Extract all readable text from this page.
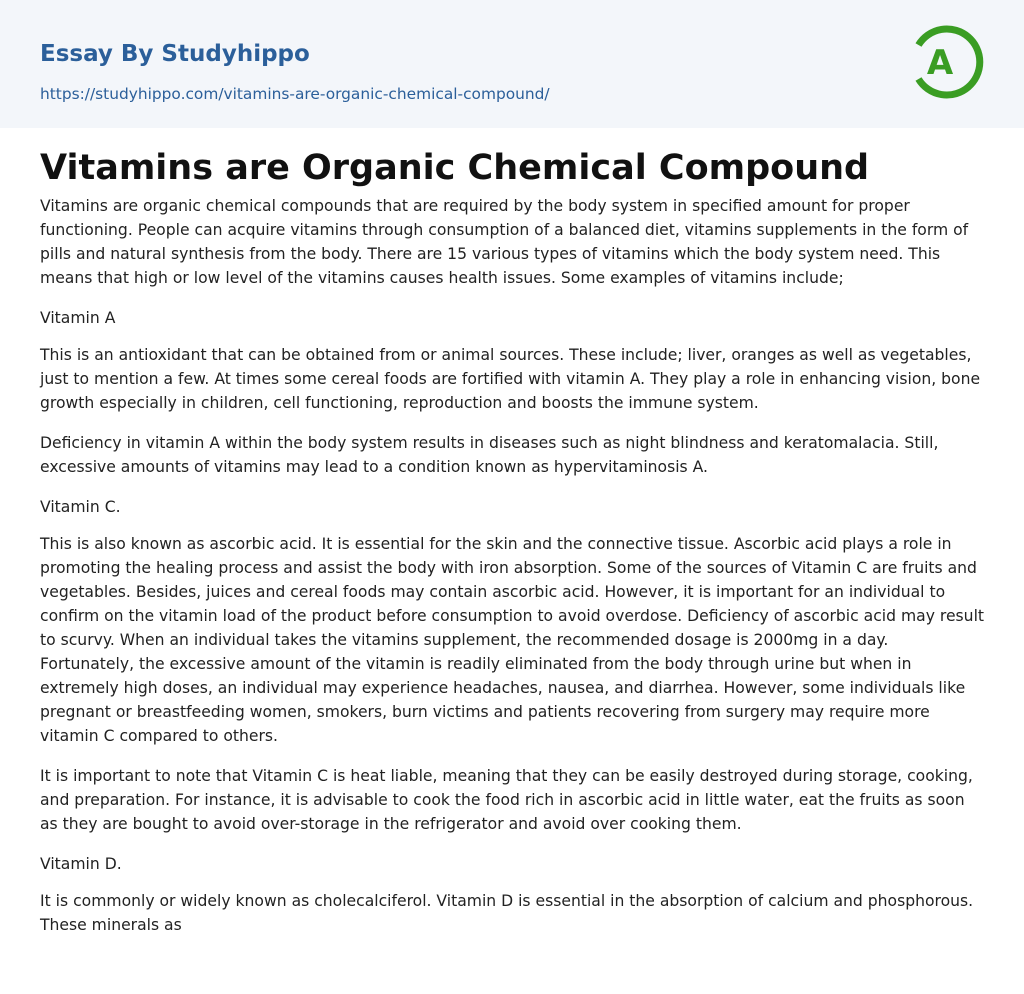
Essay By Studyhippo
https://studyhippo.com/vitamins-are-organic-chemical-compound/
A
Vitamins are Organic Chemical Compound

Vitamins are organic chemical compounds that are required by the body system in specified amount for proper functioning. People can acquire vitamins through consumption of a balanced diet, vitamins supplements in the form of pills and natural synthesis from the body. There are 15 various types of vitamins which the body system need. This means that high or low level of the vitamins causes health issues. Some examples of vitamins include;

Vitamin A

This is an antioxidant that can be obtained from or animal sources. These include; liver, oranges as well as vegetables, just to mention a few. At times some cereal foods are fortified with vitamin A. They play a role in enhancing vision, bone growth especially in children, cell functioning, reproduction and boosts the immune system.

Deficiency in vitamin A within the body system results in diseases such as night blindness and keratomalacia. Still, excessive amounts of vitamins may lead to a condition known as hypervitaminosis A.

Vitamin C.

This is also known as ascorbic acid. It is essential for the skin and the connective tissue. Ascorbic acid plays a role in promoting the healing process and assist the body with iron absorption. Some of the sources of Vitamin C are fruits and vegetables. Besides, juices and cereal foods may contain ascorbic acid. However, it is important for an individual to confirm on the vitamin load of the product before consumption to avoid overdose. Deficiency of ascorbic acid may result to scurvy. When an individual takes the vitamins supplement, the recommended dosage is 2000mg in a day. Fortunately, the excessive amount of the vitamin is readily eliminated from the body through urine but when in extremely high doses, an individual may experience headaches, nausea, and diarrhea. However, some individuals like pregnant or breastfeeding women, smokers, burn victims and patients recovering from surgery may require more vitamin C compared to others.

It is important to note that Vitamin C is heat liable, meaning that they can be easily destroyed during storage, cooking, and preparation. For instance, it is advisable to cook the food rich in ascorbic acid in little water, eat the fruits as soon as they are bought to avoid over-storage in the refrigerator and avoid over cooking them.

Vitamin D.

It is commonly or widely known as cholecalciferol. Vitamin D is essential in the absorption of calcium and phosphorous. These minerals as
